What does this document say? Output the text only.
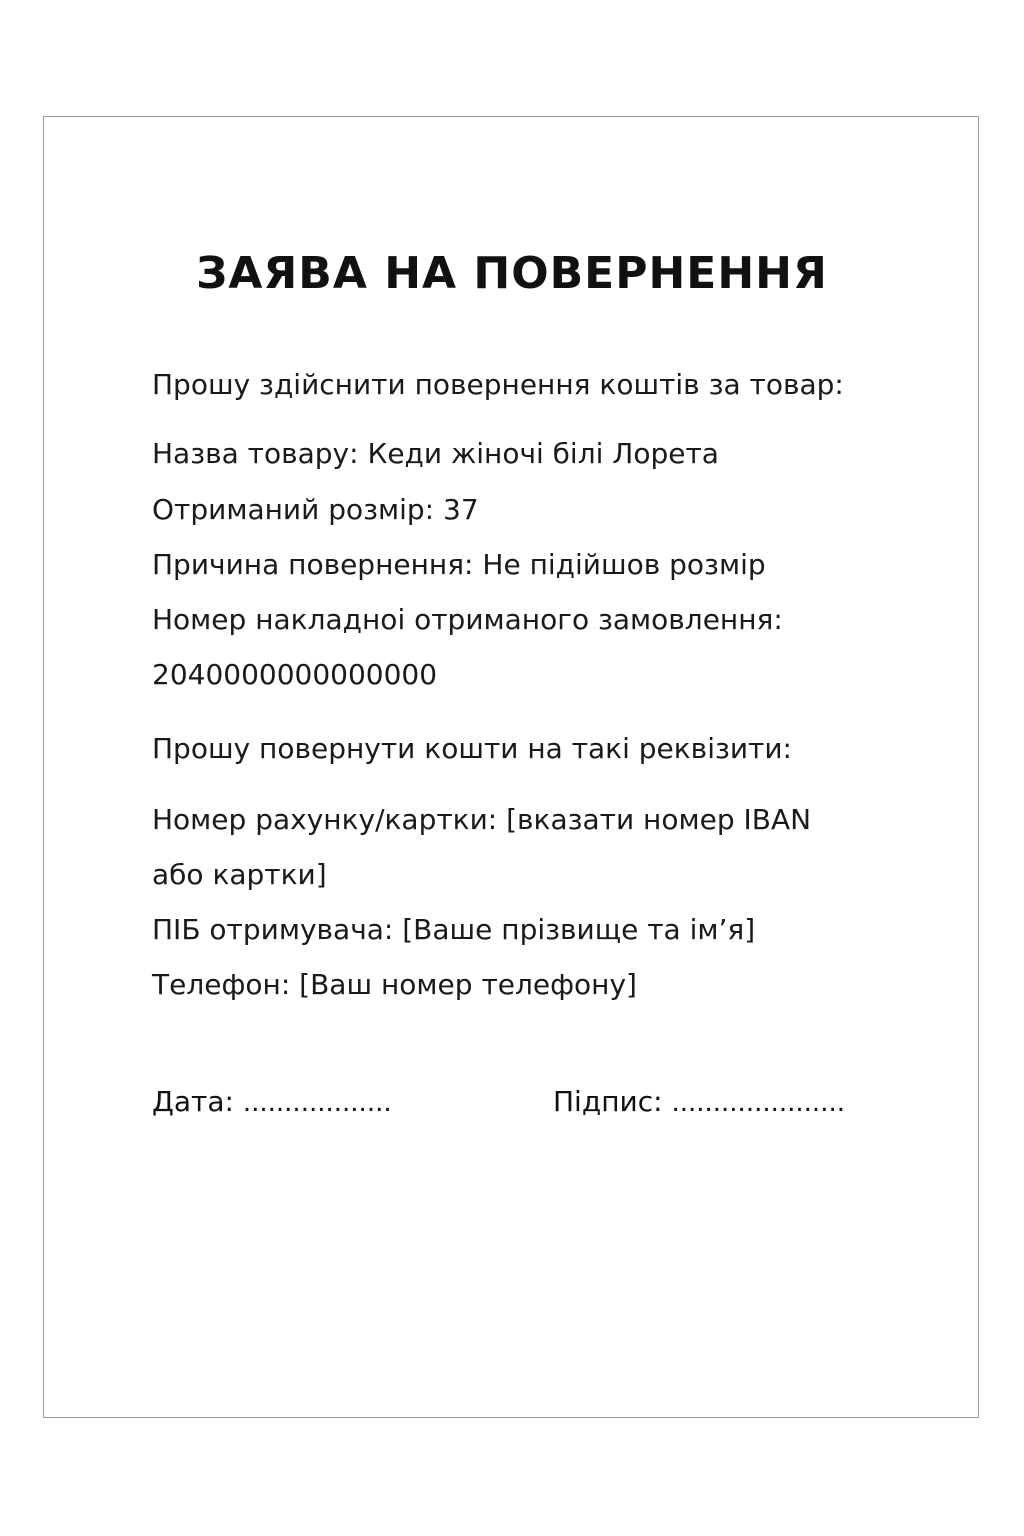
ЗАЯВА НА ПОВЕРНЕННЯ
Прошу здійснити повернення коштів за товар:
Назва товару: Кеди жіночі білі Лорета
Отриманий розмір: 37
Причина повернення: Не підійшов розмір
Номер накладноі отриманого замовлення:
2040000000000000
Прошу повернути кошти на такі реквізити:
Номер рахунку/картки: [вказати номер IBAN
або картки]
ПІБ отримувача: [Ваше прізвище та ім’я]
Телефон: [Ваш номер телефону]
Дата: ..................	Підпис: .....................
